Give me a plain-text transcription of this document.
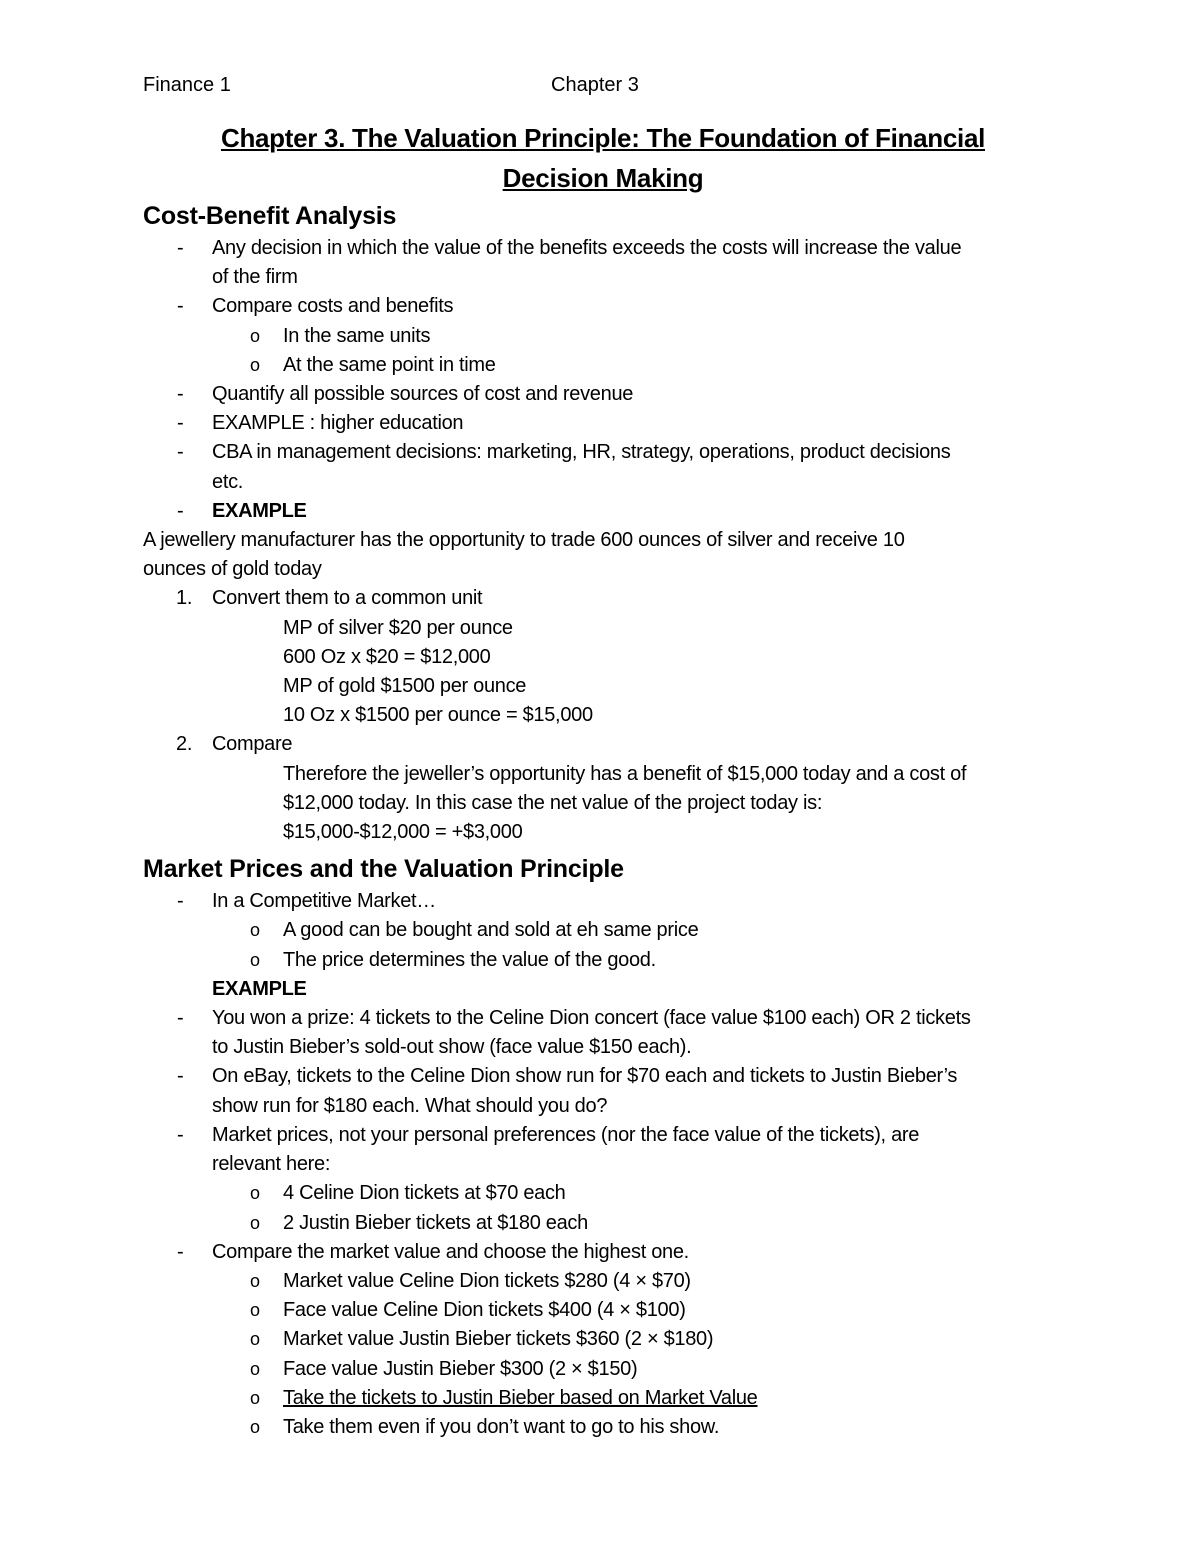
Finance 1	Chapter 3
Chapter 3. The Valuation Principle: The Foundation of Financial
Decision Making
Cost-Benefit Analysis
- Any decision in which the value of the benefits exceeds the costs will increase the value
of the firm
- Compare costs and benefits
o In the same units
o At the same point in time
- Quantify all possible sources of cost and revenue
- EXAMPLE : higher education
- CBA in management decisions: marketing, HR, strategy, operations, product decisions
etc.
- EXAMPLE
A jewellery manufacturer has the opportunity to trade 600 ounces of silver and receive 10
ounces of gold today
1. Convert them to a common unit
MP of silver $20 per ounce
600 Oz x $20 = $12,000
MP of gold $1500 per ounce
10 Oz x $1500 per ounce = $15,000
2. Compare
Therefore the jeweller’s opportunity has a benefit of $15,000 today and a cost of
$12,000 today. In this case the net value of the project today is:
$15,000-$12,000 = +$3,000
Market Prices and the Valuation Principle
- In a Competitive Market…
o A good can be bought and sold at eh same price
o The price determines the value of the good.
EXAMPLE
- You won a prize: 4 tickets to the Celine Dion concert (face value $100 each) OR 2 tickets
to Justin Bieber’s sold-out show (face value $150 each).
- On eBay, tickets to the Celine Dion show run for $70 each and tickets to Justin Bieber’s
show run for $180 each. What should you do?
- Market prices, not your personal preferences (nor the face value of the tickets), are
relevant here:
o 4 Celine Dion tickets at $70 each
o 2 Justin Bieber tickets at $180 each
- Compare the market value and choose the highest one.
o Market value Celine Dion tickets $280 (4 × $70)
o Face value Celine Dion tickets $400 (4 × $100)
o Market value Justin Bieber tickets $360 (2 × $180)
o Face value Justin Bieber $300 (2 × $150)
o Take the tickets to Justin Bieber based on Market Value
o Take them even if you don’t want to go to his show.
